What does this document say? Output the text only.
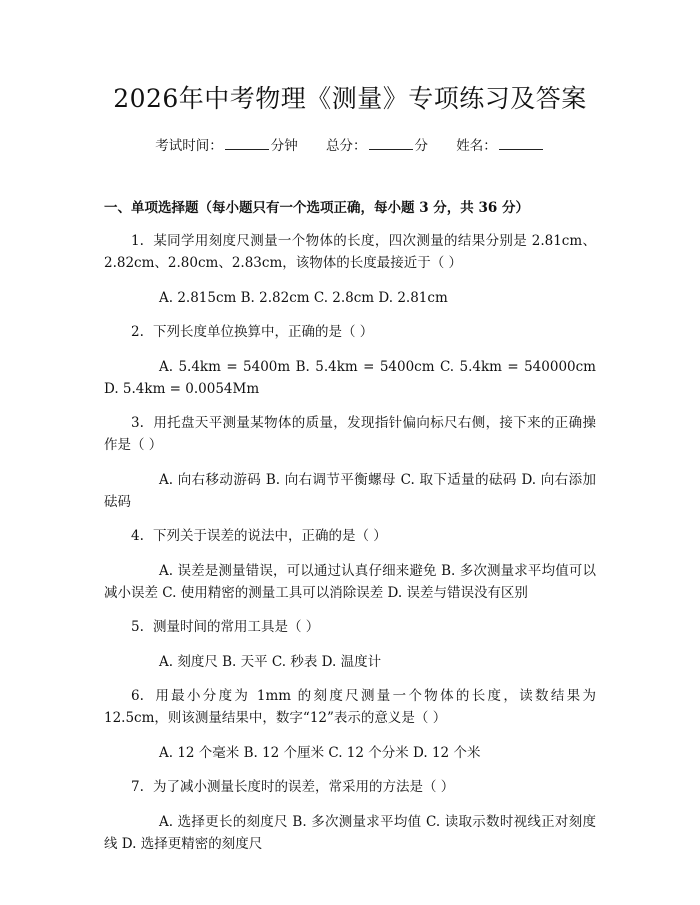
2026年中考物理《测量》专项练习及答案
考试时间：	分钟 总分：	分 姓名：
一、单项选择题（每小题只有一个选项正确，每小题 3 分，共 36 分）

1. 某同学用刻度尺测量一个物体的长度，四次测量的结果分别是 2.81cm、2.82cm、2.80cm、2.83cm，该物体的长度最接近于（ ）

A. 2.815cm B. 2.82cm C. 2.8cm D. 2.81cm

2. 下列长度单位换算中，正确的是（ ）

A. 5.4km = 5400m B. 5.4km = 5400cm C. 5.4km = 540000cm D. 5.4km = 0.0054Mm

3. 用托盘天平测量某物体的质量，发现指针偏向标尺右侧，接下来的正确操作是（ ）

A. 向右移动游码 B. 向右调节平衡螺母 C. 取下适量的砝码 D. 向右添加砝码

4. 下列关于误差的说法中，正确的是（ ）

A. 误差是测量错误，可以通过认真仔细来避免 B. 多次测量求平均值可以减小误差 C. 使用精密的测量工具可以消除误差 D. 误差与错误没有区别

5. 测量时间的常用工具是（ ）

A. 刻度尺 B. 天平 C. 秒表 D. 温度计

6. 用最小分度为 1mm 的刻度尺测量一个物体的长度，读数结果为 12.5cm，则该测量结果中，数字“12”表示的意义是（ ）

A. 12 个毫米 B. 12 个厘米 C. 12 个分米 D. 12 个米

7. 为了减小测量长度时的误差，常采用的方法是（ ）

A. 选择更长的刻度尺 B. 多次测量求平均值 C. 读取示数时视线正对刻度线 D. 选择更精密的刻度尺
